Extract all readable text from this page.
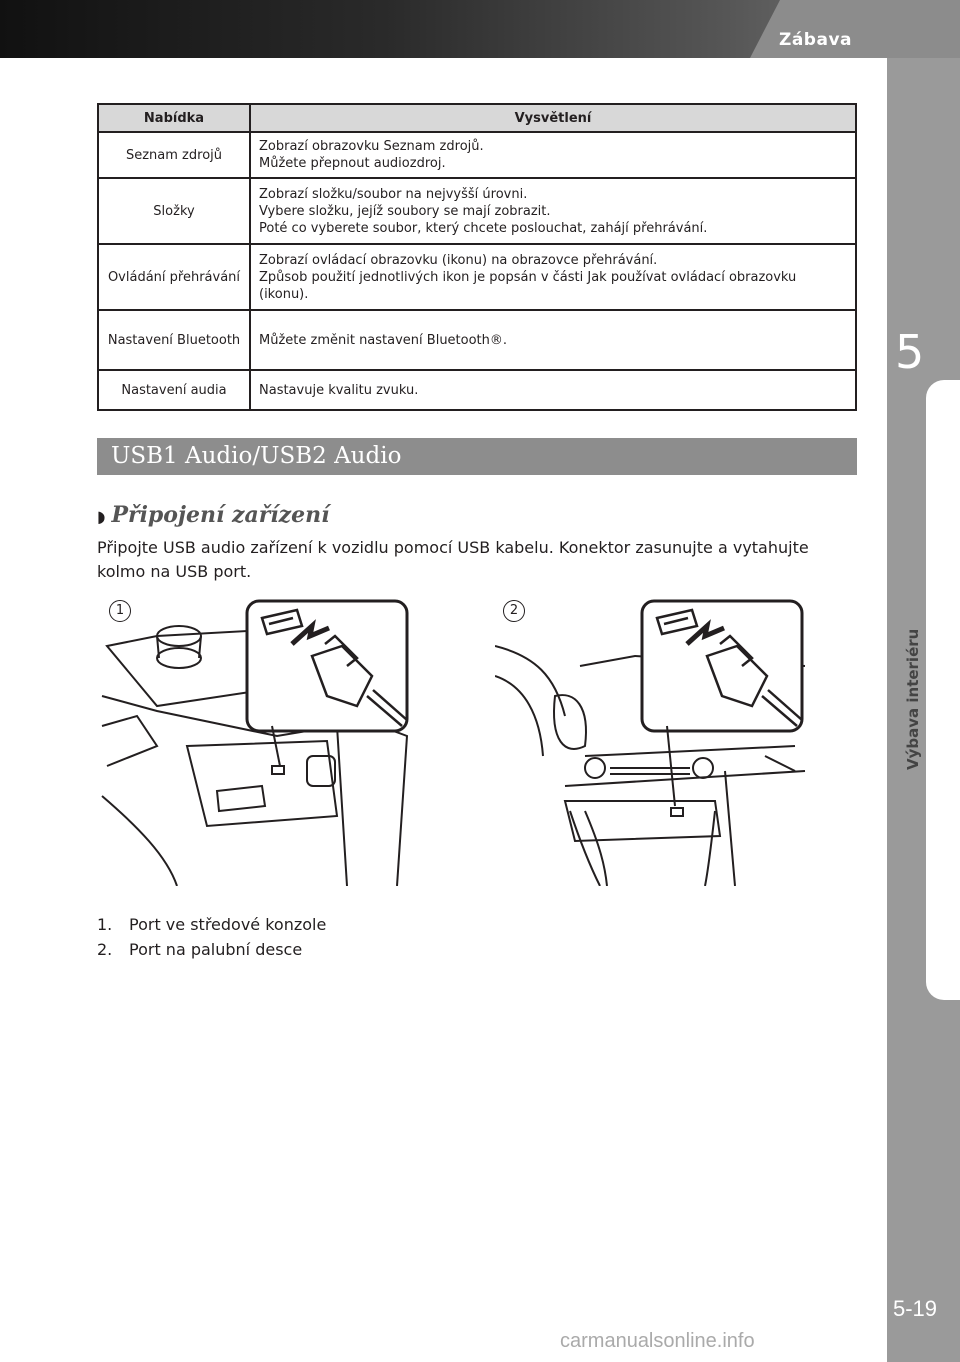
Zábava
5
Výbava interiéru
5-19
carmanualsonline.info
Nabídka	Vysvětlení
Seznam zdrojů	Zobrazí obrazovku Seznam zdrojů.
Můžete přepnout audiozdroj.

Složky	Zobrazí složku/soubor na nejvyšší úrovni.
Vybere složku, jejíž soubory se mají zobrazit.
Poté co vyberete soubor, který chcete poslouchat, zahájí přehrávání.

Ovládání přehrávání	Zobrazí ovládací obrazovku (ikonu) na obrazovce přehrávání.
Způsob použití jednotlivých ikon je popsán v části Jak používat ovládací obrazovku (ikonu).

Nastavení Bluetooth	Můžete změnit nastavení Bluetooth®.

Nastavení audia	Nastavuje kvalitu zvuku.
USB1 Audio/USB2 Audio
◗ Připojení zařízení
Připojte USB audio zařízení k vozidlu pomocí USB kabelu. Konektor zasunujte a vytahujte kolmo na USB port.
1	2
1. Port ve středové konzole
2. Port na palubní desce
